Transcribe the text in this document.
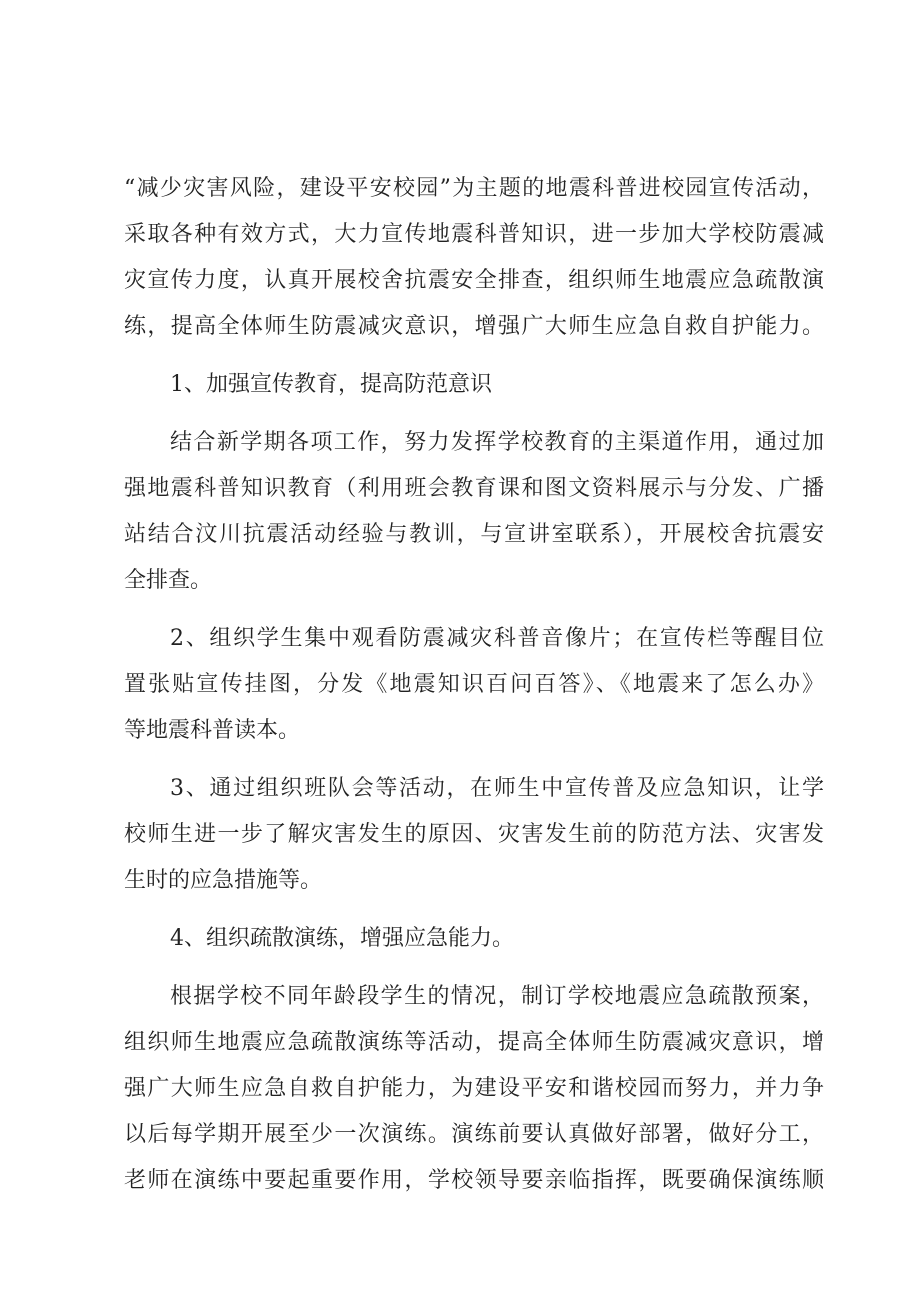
“减少灾害风险，建设平安校园”为主题的地震科普进校园宣传活动，
采取各种有效方式，大力宣传地震科普知识，进一步加大学校防震减
灾宣传力度，认真开展校舍抗震安全排查，组织师生地震应急疏散演
练，提高全体师生防震减灾意识，增强广大师生应急自救自护能力。
1、加强宣传教育，提高防范意识
结合新学期各项工作，努力发挥学校教育的主渠道作用，通过加
强地震科普知识教育（利用班会教育课和图文资料展示与分发、广播
站结合汶川抗震活动经验与教训，与宣讲室联系），开展校舍抗震安
全排查。
2、组织学生集中观看防震减灾科普音像片；在宣传栏等醒目位
置张贴宣传挂图，分发《地震知识百问百答》、《地震来了怎么办》
等地震科普读本。
3、通过组织班队会等活动，在师生中宣传普及应急知识，让学
校师生进一步了解灾害发生的原因、灾害发生前的防范方法、灾害发
生时的应急措施等。
4、组织疏散演练，增强应急能力。
根据学校不同年龄段学生的情况，制订学校地震应急疏散预案，
组织师生地震应急疏散演练等活动，提高全体师生防震减灾意识，增
强广大师生应急自救自护能力，为建设平安和谐校园而努力，并力争
以后每学期开展至少一次演练。演练前要认真做好部署，做好分工，
老师在演练中要起重要作用，学校领导要亲临指挥，既要确保演练顺
